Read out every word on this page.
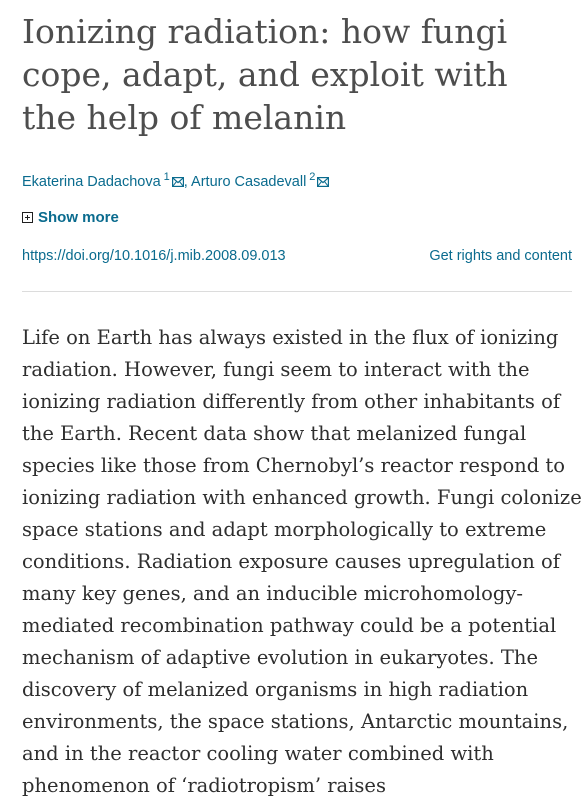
Ionizing radiation: how fungi cope, adapt, and exploit with the help of melanin
Ekaterina Dadachova $^1$ , Arturo Casadevall $^2$
Show more
https://doi.org/10.1016/j.mib.2008.09.013	Get rights and content
Life on Earth has always existed in the flux of ionizing radiation. However, fungi seem to interact with the ionizing radiation differently from other inhabitants of the Earth. Recent data show that melanized fungal species like those from Chernobyl’s reactor respond to ionizing radiation with enhanced growth. Fungi colonize space stations and adapt morphologically to extreme conditions. Radiation exposure causes upregulation of many key genes, and an inducible microhomology-mediated recombination pathway could be a potential mechanism of adaptive evolution in eukaryotes. The discovery of melanized organisms in high radiation environments, the space stations, Antarctic mountains, and in the reactor cooling water combined with phenomenon of ‘radiotropism’ raises
